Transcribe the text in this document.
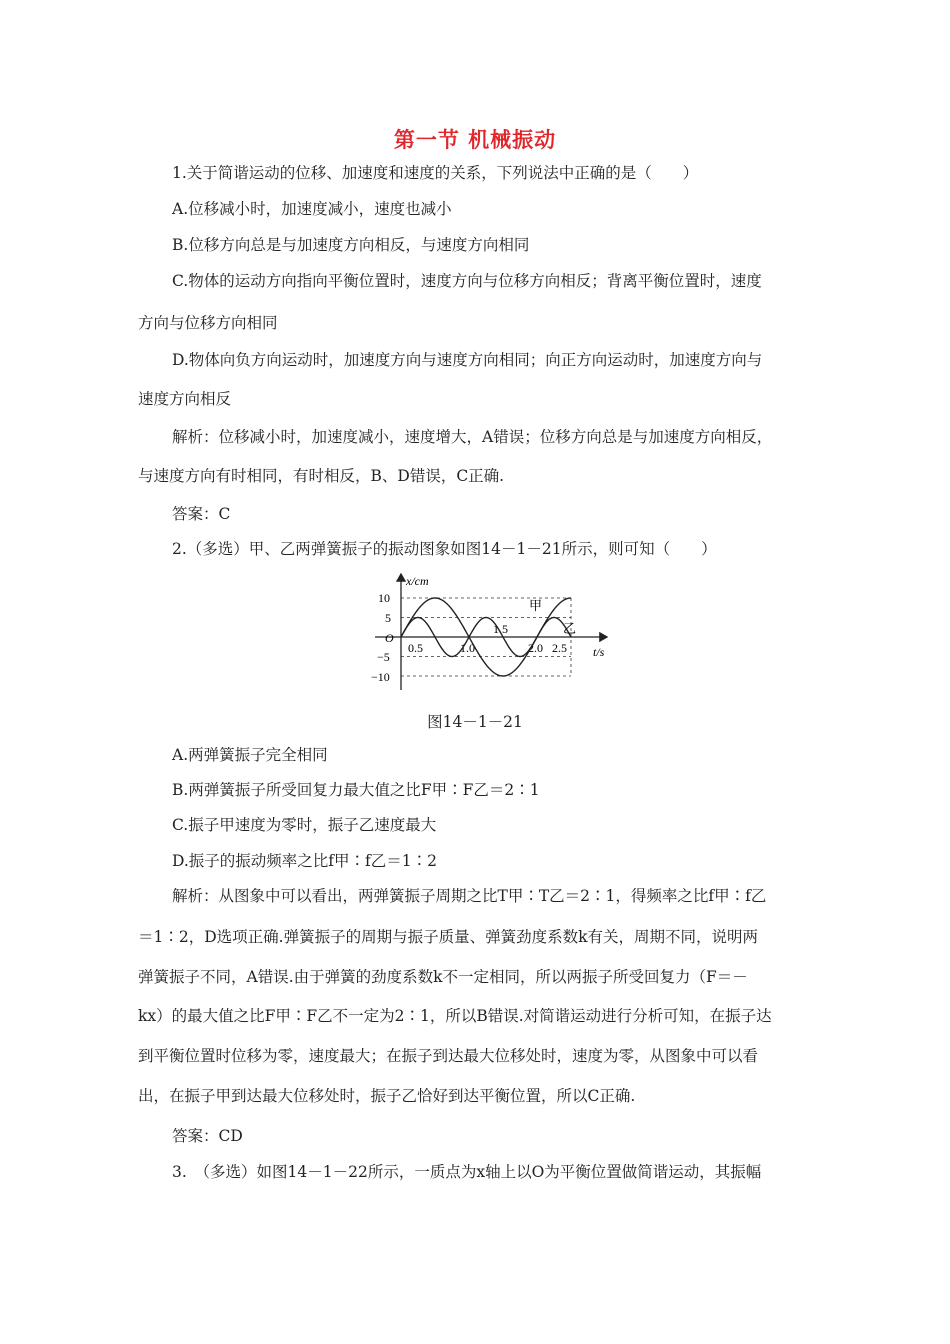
第一节 机械振动
1.关于简谐运动的位移、加速度和速度的关系，下列说法中正确的是（　　）
A.位移减小时，加速度减小，速度也减小
B.位移方向总是与加速度方向相反，与速度方向相同
C.物体的运动方向指向平衡位置时，速度方向与位移方向相反；背离平衡位置时，速度
方向与位移方向相同
D.物体向负方向运动时，加速度方向与速度方向相同；向正方向运动时，加速度方向与
速度方向相反
解析：位移减小时，加速度减小，速度增大，A错误；位移方向总是与加速度方向相反，
与速度方向有时相同，有时相反，B、D错误，C正确.
答案：C
2.（多选）甲、乙两弹簧振子的振动图象如图14－1－21所示，则可知（　　）
x/cm
t/s
O
10
5
−5
−10
0.5	1.0
1.5
2.0 2.5
甲
乙
图14－1－21
A.两弹簧振子完全相同
B.两弹簧振子所受回复力最大值之比F甲∶F乙＝2∶1
C.振子甲速度为零时，振子乙速度最大
D.振子的振动频率之比f甲∶f乙＝1∶2
解析：从图象中可以看出，两弹簧振子周期之比T甲∶T乙＝2∶1，得频率之比f甲∶f乙
＝1∶2，D选项正确.弹簧振子的周期与振子质量、弹簧劲度系数k有关，周期不同，说明两
弹簧振子不同，A错误.由于弹簧的劲度系数k不一定相同，所以两振子所受回复力（F＝－
kx）的最大值之比F甲∶F乙不一定为2∶1，所以B错误.对简谐运动进行分析可知，在振子达
到平衡位置时位移为零，速度最大；在振子到达最大位移处时，速度为零，从图象中可以看
出，在振子甲到达最大位移处时，振子乙恰好到达平衡位置，所以C正确.
答案：CD
3.　（多选）如图14－1－22所示，一质点为x轴上以O为平衡位置做简谐运动，其振幅
